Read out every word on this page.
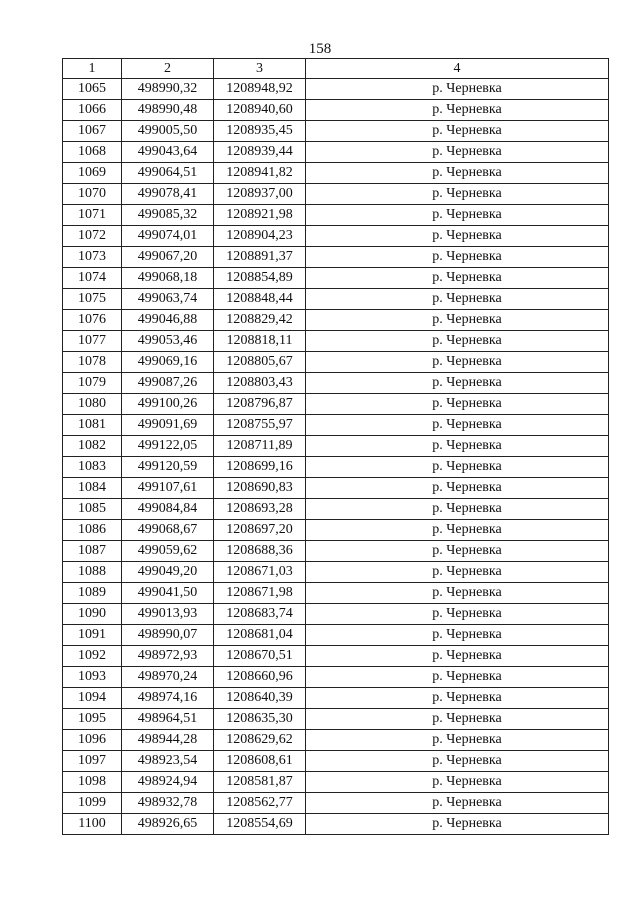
158
1	2	3	4
1065	498990,32	1208948,92	р. Черневка
1066	498990,48	1208940,60	р. Черневка
1067	499005,50	1208935,45	р. Черневка
1068	499043,64	1208939,44	р. Черневка
1069	499064,51	1208941,82	р. Черневка
1070	499078,41	1208937,00	р. Черневка
1071	499085,32	1208921,98	р. Черневка
1072	499074,01	1208904,23	р. Черневка
1073	499067,20	1208891,37	р. Черневка
1074	499068,18	1208854,89	р. Черневка
1075	499063,74	1208848,44	р. Черневка
1076	499046,88	1208829,42	р. Черневка
1077	499053,46	1208818,11	р. Черневка
1078	499069,16	1208805,67	р. Черневка
1079	499087,26	1208803,43	р. Черневка
1080	499100,26	1208796,87	р. Черневка
1081	499091,69	1208755,97	р. Черневка
1082	499122,05	1208711,89	р. Черневка
1083	499120,59	1208699,16	р. Черневка
1084	499107,61	1208690,83	р. Черневка
1085	499084,84	1208693,28	р. Черневка
1086	499068,67	1208697,20	р. Черневка
1087	499059,62	1208688,36	р. Черневка
1088	499049,20	1208671,03	р. Черневка
1089	499041,50	1208671,98	р. Черневка
1090	499013,93	1208683,74	р. Черневка
1091	498990,07	1208681,04	р. Черневка
1092	498972,93	1208670,51	р. Черневка
1093	498970,24	1208660,96	р. Черневка
1094	498974,16	1208640,39	р. Черневка
1095	498964,51	1208635,30	р. Черневка
1096	498944,28	1208629,62	р. Черневка
1097	498923,54	1208608,61	р. Черневка
1098	498924,94	1208581,87	р. Черневка
1099	498932,78	1208562,77	р. Черневка
1100	498926,65	1208554,69	р. Черневка
